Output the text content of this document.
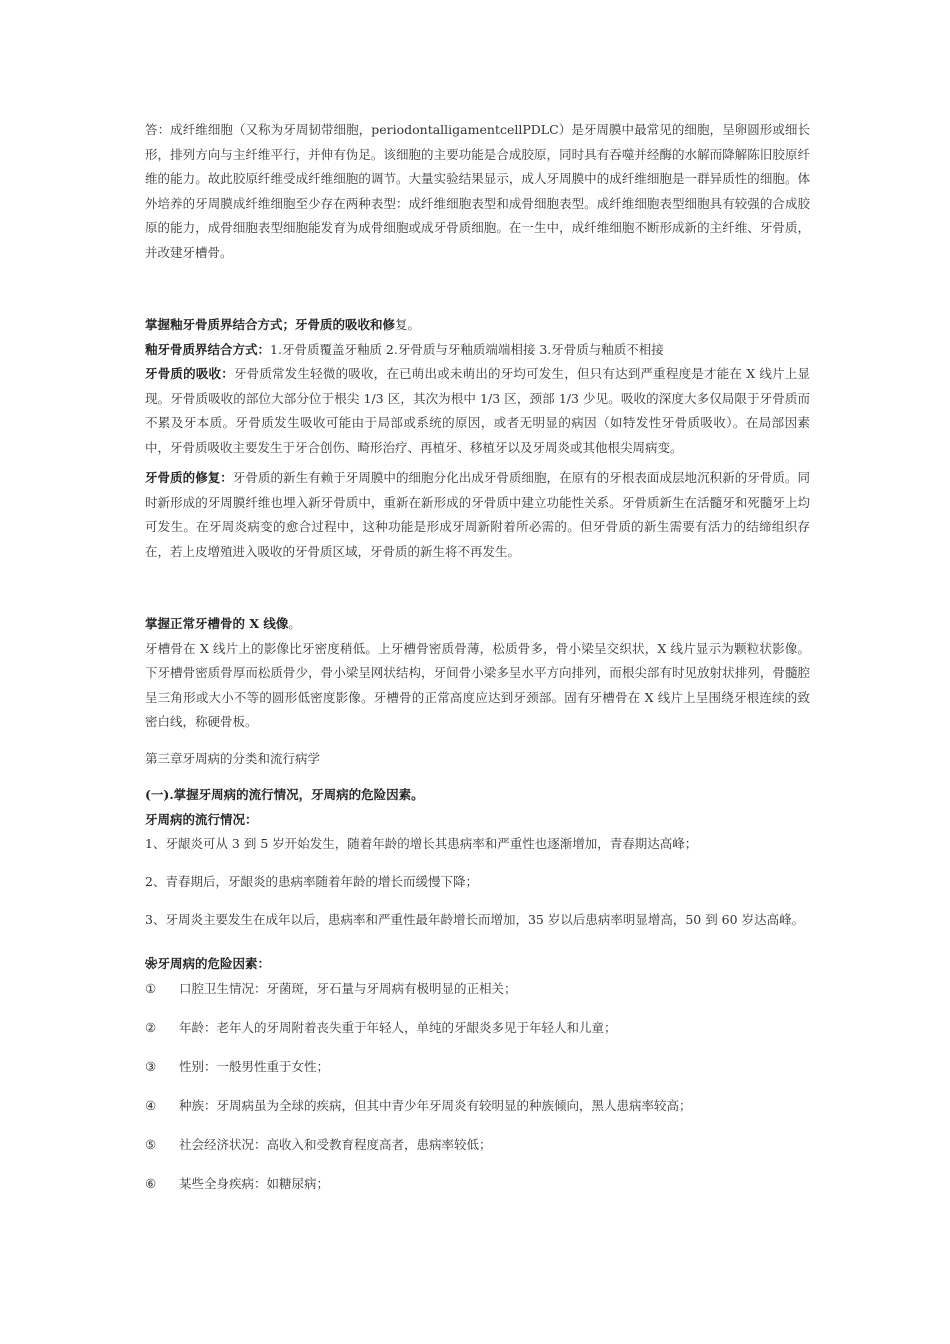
答：成纤维细胞（又称为牙周韧带细胞，periodontalligamentcellPDLC）是牙周膜中最常见的细胞，呈卵圆形或细长形，排列方向与主纤维平行，并伸有伪足。该细胞的主要功能是合成胶原，同时具有吞噬并经酶的水解而降解陈旧胶原纤维的能力。故此胶原纤维受成纤维细胞的调节。大量实验结果显示，成人牙周膜中的成纤维细胞是一群异质性的细胞。体外培养的牙周膜成纤维细胞至少存在两种表型：成纤维细胞表型和成骨细胞表型。成纤维细胞表型细胞具有较强的合成胶原的能力，成骨细胞表型细胞能发育为成骨细胞或成牙骨质细胞。在一生中，成纤维细胞不断形成新的主纤维、牙骨质，并改建牙槽骨。

掌握釉牙骨质界结合方式；牙骨质的吸收和修复。

釉牙骨质界结合方式：1.牙骨质覆盖牙釉质 2.牙骨质与牙釉质端端相接 3.牙骨质与釉质不相接

牙骨质的吸收：牙骨质常发生轻微的吸收，在已萌出或未萌出的牙均可发生，但只有达到严重程度是才能在 X 线片上显现。牙骨质吸收的部位大部分位于根尖 1/3 区，其次为根中 1/3 区，颈部 1/3 少见。吸收的深度大多仅局限于牙骨质而不累及牙本质。牙骨质发生吸收可能由于局部或系统的原因，或者无明显的病因（如特发性牙骨质吸收）。在局部因素中，牙骨质吸收主要发生于牙合创伤、畸形治疗、再植牙、移植牙以及牙周炎或其他根尖周病变。

牙骨质的修复：牙骨质的新生有赖于牙周膜中的细胞分化出成牙骨质细胞，在原有的牙根表面成层地沉积新的牙骨质。同时新形成的牙周膜纤维也埋入新牙骨质中，重新在新形成的牙骨质中建立功能性关系。牙骨质新生在活髓牙和死髓牙上均可发生。在牙周炎病变的愈合过程中，这种功能是形成牙周新附着所必需的。但牙骨质的新生需要有活力的结缔组织存在，若上皮增殖进入吸收的牙骨质区域，牙骨质的新生将不再发生。

掌握正常牙槽骨的 X 线像。

牙槽骨在 X 线片上的影像比牙密度稍低。上牙槽骨密质骨薄，松质骨多，骨小梁呈交织状，X 线片显示为颗粒状影像。下牙槽骨密质骨厚而松质骨少，骨小梁呈网状结构，牙间骨小梁多呈水平方向排列，而根尖部有时见放射状排列，骨髓腔呈三角形或大小不等的圆形低密度影像。牙槽骨的正常高度应达到牙颈部。固有牙槽骨在 X 线片上呈围绕牙根连续的致密白线，称硬骨板。

第三章牙周病的分类和流行病学

(一).掌握牙周病的流行情况，牙周病的危险因素。

牙周病的流行情况：

1、牙龈炎可从 3 到 5 岁开始发生，随着年龄的增长其患病率和严重性也逐渐增加，青春期达高峰；

2、青春期后，牙龈炎的患病率随着年龄的增长而缓慢下降；

3、牙周炎主要发生在成年以后，患病率和严重性最年龄增长而增加，35 岁以后患病率明显增高，50 到 60 岁达高峰。

❀牙周病的危险因素：

①	口腔卫生情况：牙菌斑，牙石量与牙周病有极明显的正相关；
②	年龄：老年人的牙周附着丧失重于年轻人，单纯的牙龈炎多见于年轻人和儿童；
③	性别：一般男性重于女性；
④	种族：牙周病虽为全球的疾病，但其中青少年牙周炎有较明显的种族倾向，黑人患病率较高；
⑤	社会经济状况：高收入和受教育程度高者，患病率较低；
⑥	某些全身疾病：如糖尿病；
